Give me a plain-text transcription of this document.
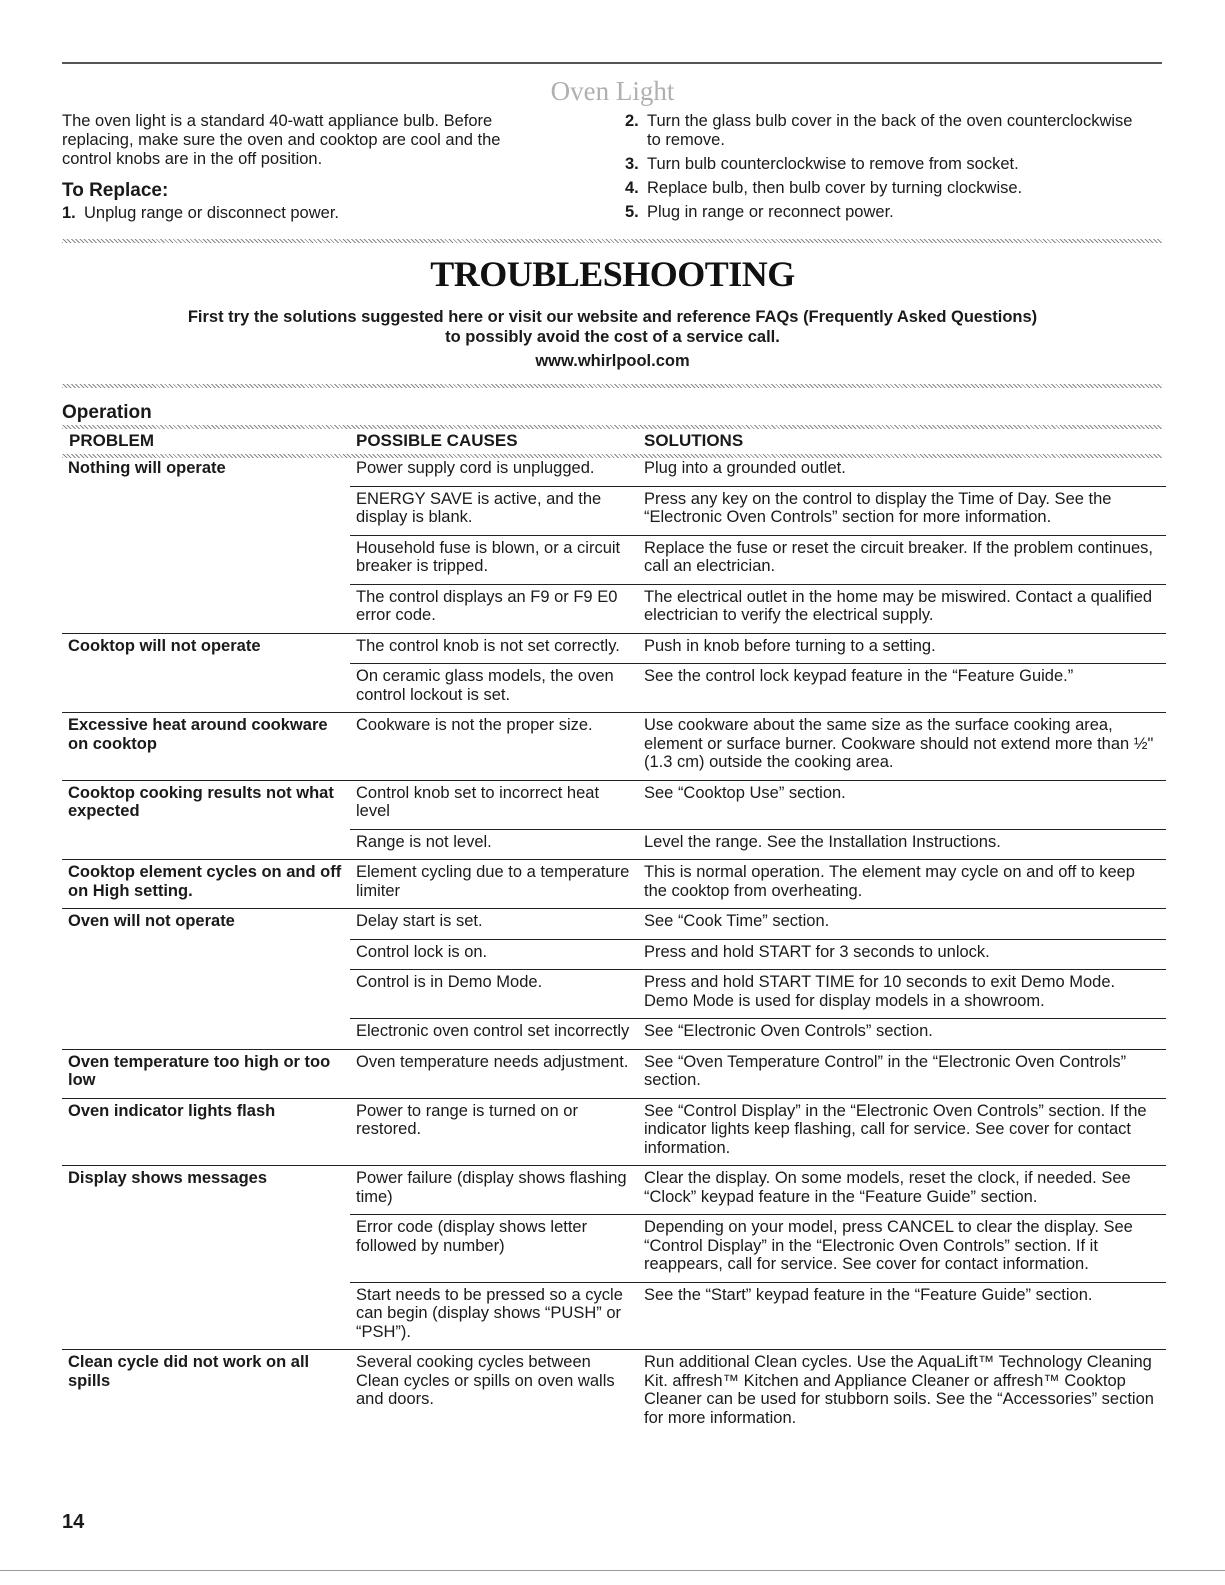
Oven Light

The oven light is a standard 40-watt appliance bulb. Before replacing, make sure the oven and cooktop are cool and the control knobs are in the off position.

To Replace:
1. Unplug range or disconnect power.
2. Turn the glass bulb cover in the back of the oven counterclockwise to remove.
3. Turn bulb counterclockwise to remove from socket.
4. Replace bulb, then bulb cover by turning clockwise.
5. Plug in range or reconnect power.
TROUBLESHOOTING
First try the solutions suggested here or visit our website and reference FAQs (Frequently Asked Questions)
to possibly avoid the cost of a service call.
www.whirlpool.com
Operation
PROBLEM	POSSIBLE CAUSES	SOLUTIONS
Nothing will operate	Power supply cord is unplugged.	Plug into a grounded outlet.
	ENERGY SAVE is active, and the display is blank.	Press any key on the control to display the Time of Day. See the “Electronic Oven Controls” section for more information.
	Household fuse is blown, or a circuit breaker is tripped.	Replace the fuse or reset the circuit breaker. If the problem continues, call an electrician.
	The control displays an F9 or F9 E0 error code.	The electrical outlet in the home may be miswired. Contact a qualified electrician to verify the electrical supply.
Cooktop will not operate	The control knob is not set correctly.	Push in knob before turning to a setting.
	On ceramic glass models, the oven control lockout is set.	See the control lock keypad feature in the “Feature Guide.”
Excessive heat around cookware on cooktop	Cookware is not the proper size.	Use cookware about the same size as the surface cooking area, element or surface burner. Cookware should not extend more than ½" (1.3 cm) outside the cooking area.
Cooktop cooking results not what expected	Control knob set to incorrect heat level	See “Cooktop Use” section.
	Range is not level.	Level the range. See the Installation Instructions.
Cooktop element cycles on and off on High setting.	Element cycling due to a temperature limiter	This is normal operation. The element may cycle on and off to keep the cooktop from overheating.
Oven will not operate	Delay start is set.	See “Cook Time” section.
	Control lock is on.	Press and hold START for 3 seconds to unlock.
	Control is in Demo Mode.	Press and hold START TIME for 10 seconds to exit Demo Mode. Demo Mode is used for display models in a showroom.
	Electronic oven control set incorrectly	See “Electronic Oven Controls” section.
Oven temperature too high or too low	Oven temperature needs adjustment.	See “Oven Temperature Control” in the “Electronic Oven Controls” section.
Oven indicator lights flash	Power to range is turned on or restored.	See “Control Display” in the “Electronic Oven Controls” section. If the indicator lights keep flashing, call for service. See cover for contact information.
Display shows messages	Power failure (display shows flashing time)	Clear the display. On some models, reset the clock, if needed. See “Clock” keypad feature in the “Feature Guide” section.
	Error code (display shows letter followed by number)	Depending on your model, press CANCEL to clear the display. See “Control Display” in the “Electronic Oven Controls” section. If it reappears, call for service. See cover for contact information.
	Start needs to be pressed so a cycle can begin (display shows “PUSH” or “PSH”).	See the “Start” keypad feature in the “Feature Guide” section.
Clean cycle did not work on all spills	Several cooking cycles between Clean cycles or spills on oven walls and doors.	Run additional Clean cycles. Use the AquaLift™ Technology Cleaning Kit. affresh™ Kitchen and Appliance Cleaner or affresh™ Cooktop Cleaner can be used for stubborn soils. See the “Accessories” section for more information.
14
